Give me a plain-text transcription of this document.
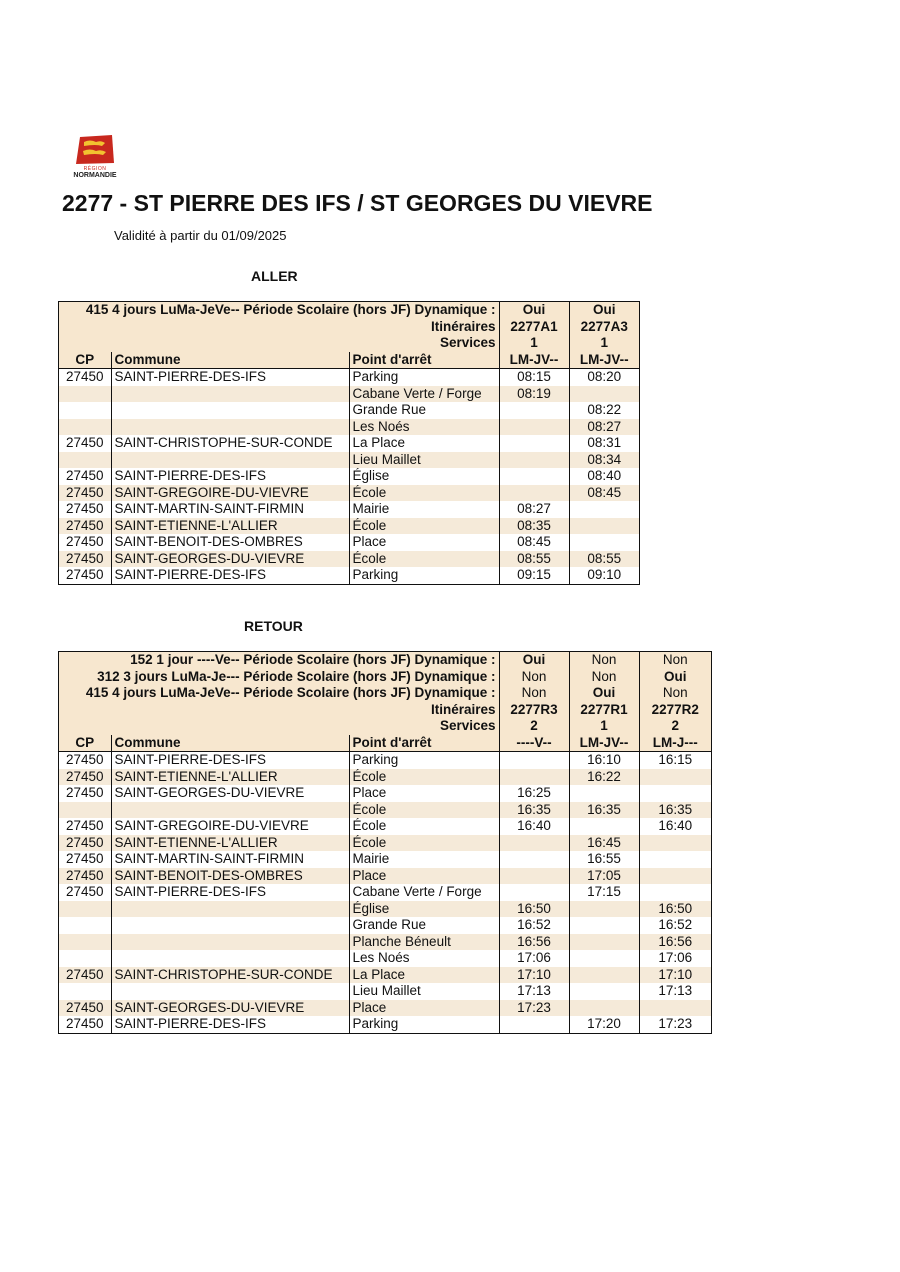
RÉGION
NORMANDIE
2277 - ST PIERRE DES IFS / ST GEORGES DU VIEVRE
Validité à partir du 01/09/2025
ALLER
415 4 jours LuMa-JeVe-- Période Scolaire (hors JF) Dynamique :			Oui	Oui
Itinéraires			2277A1	2277A3
Services			1	1
CP	Commune	Point d'arrêt	LM-JV--	LM-JV--
27450	SAINT-PIERRE-DES-IFS	Parking	08:15	08:20
		Cabane Verte / Forge	08:19	
		Grande Rue		08:22
		Les Noés		08:27
27450	SAINT-CHRISTOPHE-SUR-CONDE	La Place		08:31
		Lieu Maillet		08:34
27450	SAINT-PIERRE-DES-IFS	Église		08:40
27450	SAINT-GREGOIRE-DU-VIEVRE	École		08:45
27450	SAINT-MARTIN-SAINT-FIRMIN	Mairie	08:27	
27450	SAINT-ETIENNE-L'ALLIER	École	08:35	
27450	SAINT-BENOIT-DES-OMBRES	Place	08:45	
27450	SAINT-GEORGES-DU-VIEVRE	École	08:55	08:55
27450	SAINT-PIERRE-DES-IFS	Parking	09:15	09:10
RETOUR
152 1 jour ----Ve-- Période Scolaire (hors JF) Dynamique :			Oui	Non	Non
312 3 jours LuMa-Je--- Période Scolaire (hors JF) Dynamique :			Non	Non	Oui
415 4 jours LuMa-JeVe-- Période Scolaire (hors JF) Dynamique :			Non	Oui	Non
Itinéraires			2277R3	2277R1	2277R2
Services			2	1	2
CP	Commune	Point d'arrêt	----V--	LM-JV--	LM-J---
27450	SAINT-PIERRE-DES-IFS	Parking		16:10	16:15
27450	SAINT-ETIENNE-L'ALLIER	École		16:22	
27450	SAINT-GEORGES-DU-VIEVRE	Place	16:25		
		École	16:35	16:35	16:35
27450	SAINT-GREGOIRE-DU-VIEVRE	École	16:40		16:40
27450	SAINT-ETIENNE-L'ALLIER	École		16:45	
27450	SAINT-MARTIN-SAINT-FIRMIN	Mairie		16:55	
27450	SAINT-BENOIT-DES-OMBRES	Place		17:05	
27450	SAINT-PIERRE-DES-IFS	Cabane Verte / Forge		17:15	
		Église	16:50		16:50
		Grande Rue	16:52		16:52
		Planche Béneult	16:56		16:56
		Les Noés	17:06		17:06
27450	SAINT-CHRISTOPHE-SUR-CONDE	La Place	17:10		17:10
		Lieu Maillet	17:13		17:13
27450	SAINT-GEORGES-DU-VIEVRE	Place	17:23		
27450	SAINT-PIERRE-DES-IFS	Parking		17:20	17:23
